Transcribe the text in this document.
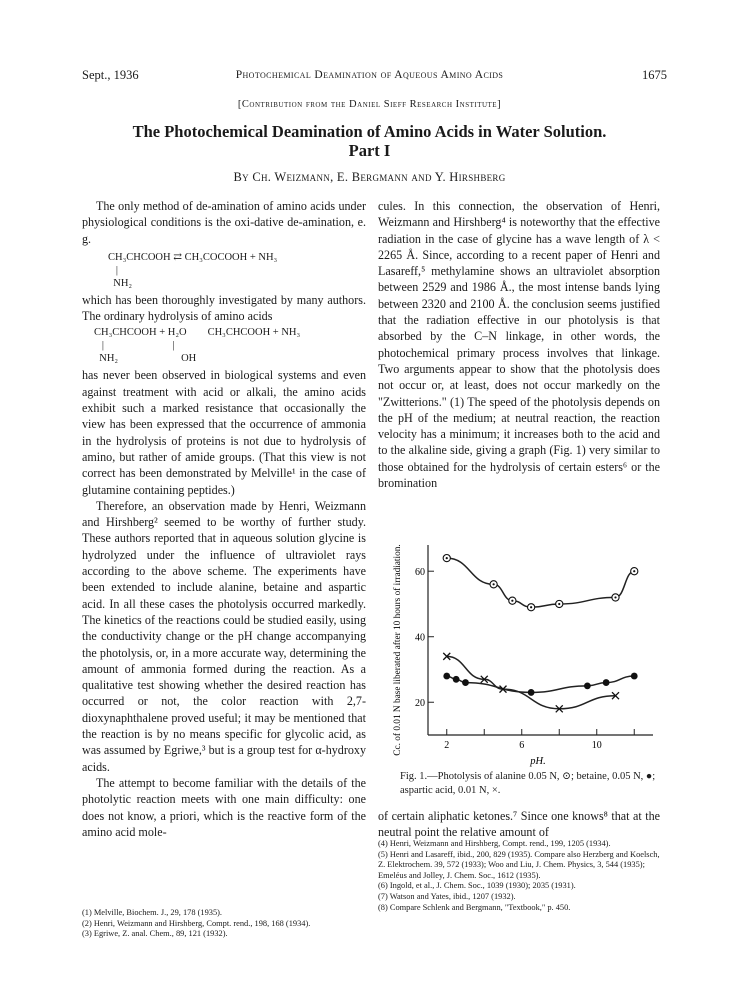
Sept., 1936	Photochemical Deamination of Aqueous Amino Acids	1675
[Contribution from the Daniel Sieff Research Institute]
The Photochemical Deamination of Amino Acids in Water Solution.
Part I
By Ch. Weizmann, E. Bergmann and Y. Hirshberg

The only method of de-amination of amino acids under physiological conditions is the oxi-dative de-amination, e. g.

CH₃CHCOOH ⇄ CH₃COCOOH + NH₃
|
NH₂

which has been thoroughly investigated by many authors. The ordinary hydrolysis of amino acids

CH₃CHCOOH + H₂O        CH₃CHCOOH + NH₃
|                          |
NH₂                        OH

has never been observed in biological systems and even against treatment with acid or alkali, the amino acids exhibit such a marked resistance that occasionally the view has been expressed that the occurrence of ammonia in the hydrolysis of proteins is not due to hydrolysis of amino, but rather of amide groups. (That this view is not correct has been demonstrated by Melville¹ in the case of glutamine containing peptides.)

Therefore, an observation made by Henri, Weizmann and Hirshberg² seemed to be worthy of further study. These authors reported that in aqueous solution glycine is hydrolyzed under the influence of ultraviolet rays according to the above scheme. The experiments have been extended to include alanine, betaine and aspartic acid. In all these cases the photolysis occurred markedly. The kinetics of the reactions could be studied easily, using the conductivity change or the pH change accompanying the photolysis, or, in a more accurate way, determining the amount of ammonia formed during the reaction. As a qualitative test showing whether the desired reaction has occurred or not, the color reaction with 2,7-dioxynaphthalene proved useful; it may be mentioned that the reaction is by no means specific for glycolic acid, as was assumed by Egriwe,³ but is a group test for α-hydroxy acids.

The attempt to become familiar with the details of the photolytic reaction meets with one main difficulty: one does not know, a priori, which is the reactive form of the amino acid mole-

(1) Melville, Biochem. J., 29, 178 (1935).

(2) Henri, Weizmann and Hirshberg, Compt. rend., 198, 168 (1934).

(3) Egriwe, Z. anal. Chem., 89, 121 (1932).

cules. In this connection, the observation of Henri, Weizmann and Hirshberg⁴ is noteworthy that the effective radiation in the case of glycine has a wave length of λ < 2265 Å. Since, according to a recent paper of Henri and Lasareff,⁵ methylamine shows an ultraviolet absorption between 2529 and 1986 Å., the most intense bands lying between 2320 and 2100 Å. the conclusion seems justified that the radiation effective in our photolysis is that absorbed by the C–N linkage, in other words, the photochemical primary process involves that linkage. Two arguments appear to show that the photolysis does not occur or, at least, does not occur markedly on the "Zwitterions." (1) The speed of the photolysis depends on the pH of the medium; at neutral reaction, the reaction velocity has a minimum; it increases both to the acid and to the alkaline side, giving a graph (Fig. 1) very similar to those obtained for the hydrolysis of certain esters⁶ or the bromination

Cc. of 0.01 N base liberated after 10 hours of irradiation.	2	6	10
20
40
60
pH.
Fig. 1.—Photolysis of alanine 0.05 N, ⊙; betaine, 0.05 N, ●; aspartic acid, 0.01 N, ×.
of certain aliphatic ketones.⁷ Since one knows⁸ that at the neutral point the relative amount of

(4) Henri, Weizmann and Hirshberg, Compt. rend., 199, 1205 (1934).

(5) Henri and Lasareff, ibid., 200, 829 (1935). Compare also Herzberg and Koelsch, Z. Elektrochem. 39, 572 (1933); Woo and Liu, J. Chem. Physics, 3, 544 (1935); Emeléus and Jolley, J. Chem. Soc., 1612 (1935).

(6) Ingold, et al., J. Chem. Soc., 1039 (1930); 2035 (1931).

(7) Watson and Yates, ibid., 1207 (1932).

(8) Compare Schlenk and Bergmann, "Textbook," p. 450.
